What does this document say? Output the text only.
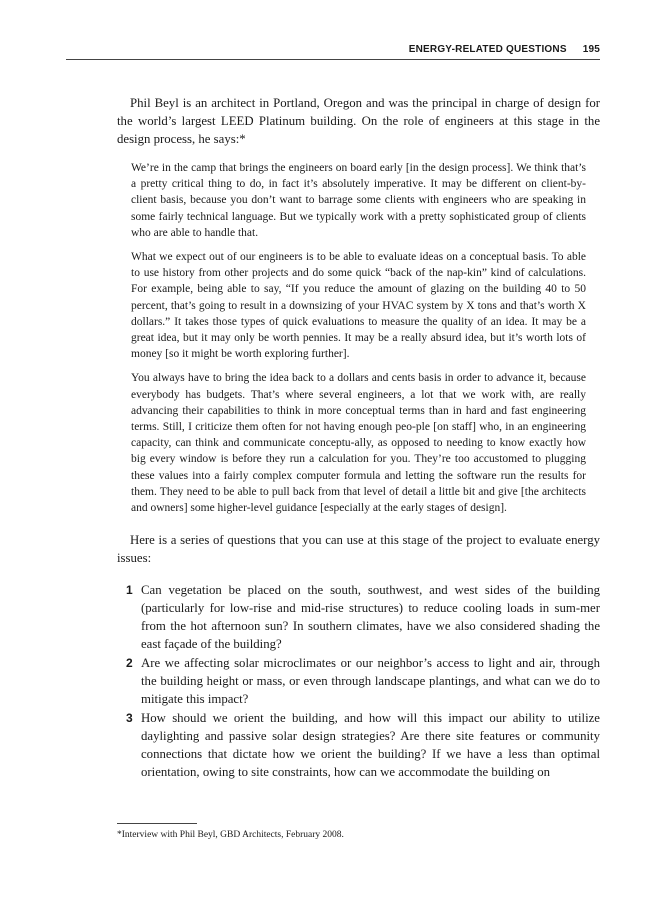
ENERGY-RELATED QUESTIONS 195

Phil Beyl is an architect in Portland, Oregon and was the principal in charge of design for the world’s largest LEED Platinum building. On the role of engineers at this stage in the design process, he says:*

We’re in the camp that brings the engineers on board early [in the design process]. We think that’s a pretty critical thing to do, in fact it’s absolutely imperative. It may be different on client-by-client basis, because you don’t want to barrage some clients with engineers who are speaking in some fairly technical language. But we typically work with a pretty sophisticated group of clients who are able to handle that.

What we expect out of our engineers is to be able to evaluate ideas on a conceptual basis. To able to use history from other projects and do some quick “back of the nap-kin” kind of calculations. For example, being able to say, “If you reduce the amount of glazing on the building 40 to 50 percent, that’s going to result in a downsizing of your HVAC system by X tons and that’s worth X dollars.” It takes those types of quick evaluations to measure the quality of an idea. It may be a great idea, but it may only be worth pennies. It may be a really absurd idea, but it’s worth lots of money [so it might be worth exploring further].

You always have to bring the idea back to a dollars and cents basis in order to advance it, because everybody has budgets. That’s where several engineers, a lot that we work with, are really advancing their capabilities to think in more conceptual terms than in hard and fast engineering terms. Still, I criticize them often for not having enough peo-ple [on staff] who, in an engineering capacity, can think and communicate conceptu-ally, as opposed to needing to know exactly how big every window is before they run a calculation for you. They’re too accustomed to plugging these values into a fairly complex computer formula and letting the software run the results for them. They need to be able to pull back from that level of detail a little bit and give [the architects and owners] some higher-level guidance [especially at the early stages of design].

Here is a series of questions that you can use at this stage of the project to evaluate energy issues:

1 Can vegetation be placed on the south, southwest, and west sides of the building (particularly for low-rise and mid-rise structures) to reduce cooling loads in sum-mer from the hot afternoon sun? In southern climates, have we also considered shading the east façade of the building?
2 Are we affecting solar microclimates or our neighbor’s access to light and air, through the building height or mass, or even through landscape plantings, and what can we do to mitigate this impact?
3 How should we orient the building, and how will this impact our ability to utilize daylighting and passive solar design strategies? Are there site features or community connections that dictate how we orient the building? If we have a less than optimal orientation, owing to site constraints, how can we accommodate the building on
*Interview with Phil Beyl, GBD Architects, February 2008.
